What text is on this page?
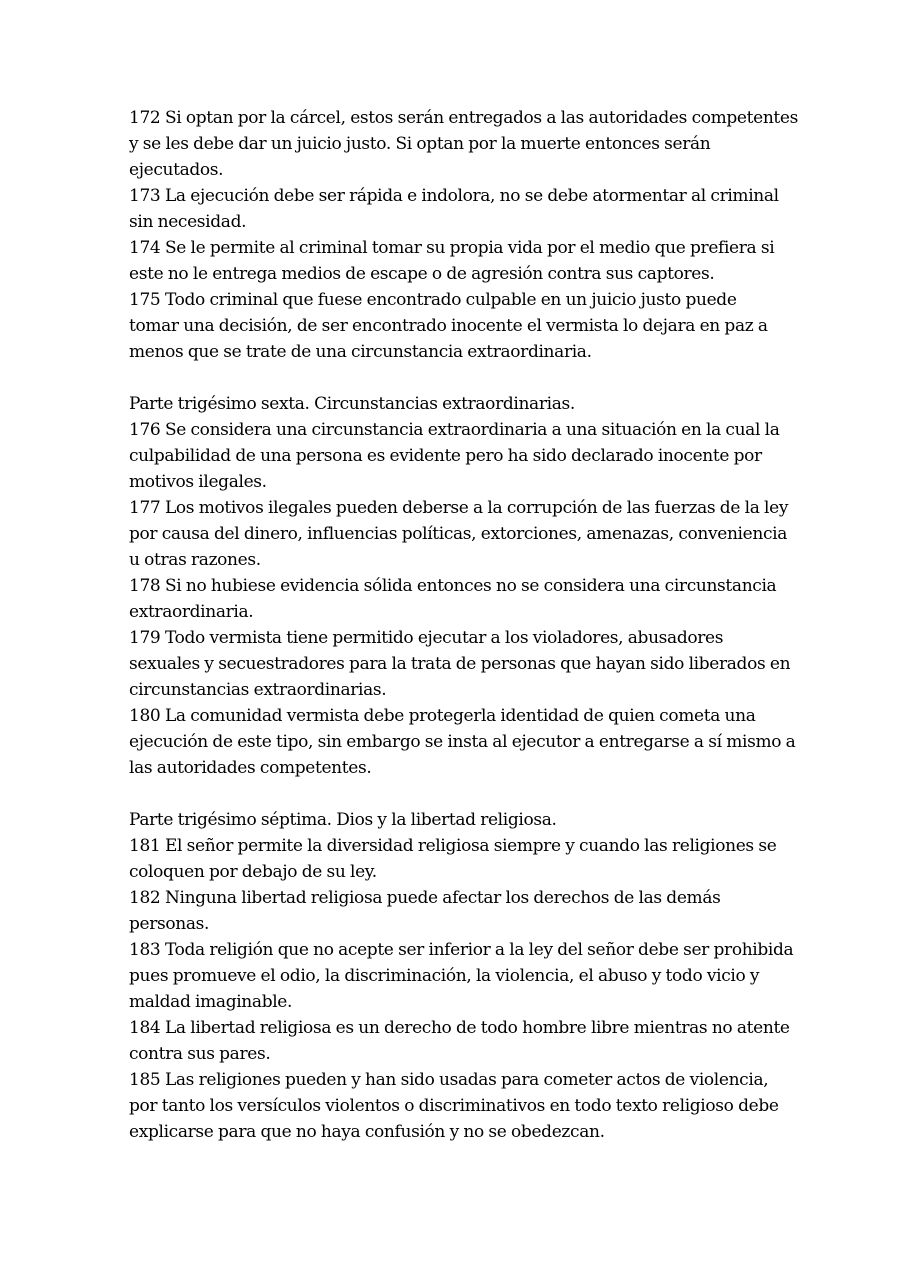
172 Si optan por la cárcel, estos serán entregados a las autoridades competentes
y se les debe dar un juicio justo. Si optan por la muerte entonces serán
ejecutados.
173 La ejecución debe ser rápida e indolora, no se debe atormentar al criminal
sin necesidad.
174 Se le permite al criminal tomar su propia vida por el medio que prefiera si
este no le entrega medios de escape o de agresión contra sus captores.
175 Todo criminal que fuese encontrado culpable en un juicio justo puede
tomar una decisión, de ser encontrado inocente el vermista lo dejara en paz a
menos que se trate de una circunstancia extraordinaria.
Parte trigésimo sexta. Circunstancias extraordinarias.
176 Se considera una circunstancia extraordinaria a una situación en la cual la
culpabilidad de una persona es evidente pero ha sido declarado inocente por
motivos ilegales.
177 Los motivos ilegales pueden deberse a la corrupción de las fuerzas de la ley
por causa del dinero, influencias políticas, extorciones, amenazas, conveniencia
u otras razones.
178 Si no hubiese evidencia sólida entonces no se considera una circunstancia
extraordinaria.
179 Todo vermista tiene permitido ejecutar a los violadores, abusadores
sexuales y secuestradores para la trata de personas que hayan sido liberados en
circunstancias extraordinarias.
180 La comunidad vermista debe protegerla identidad de quien cometa una
ejecución de este tipo, sin embargo se insta al ejecutor a entregarse a sí mismo a
las autoridades competentes.
Parte trigésimo séptima. Dios y la libertad religiosa.
181 El señor permite la diversidad religiosa siempre y cuando las religiones se
coloquen por debajo de su ley.
182 Ninguna libertad religiosa puede afectar los derechos de las demás
personas.
183 Toda religión que no acepte ser inferior a la ley del señor debe ser prohibida
pues promueve el odio, la discriminación, la violencia, el abuso y todo vicio y
maldad imaginable.
184 La libertad religiosa es un derecho de todo hombre libre mientras no atente
contra sus pares.
185 Las religiones pueden y han sido usadas para cometer actos de violencia,
por tanto los versículos violentos o discriminativos en todo texto religioso debe
explicarse para que no haya confusión y no se obedezcan.
